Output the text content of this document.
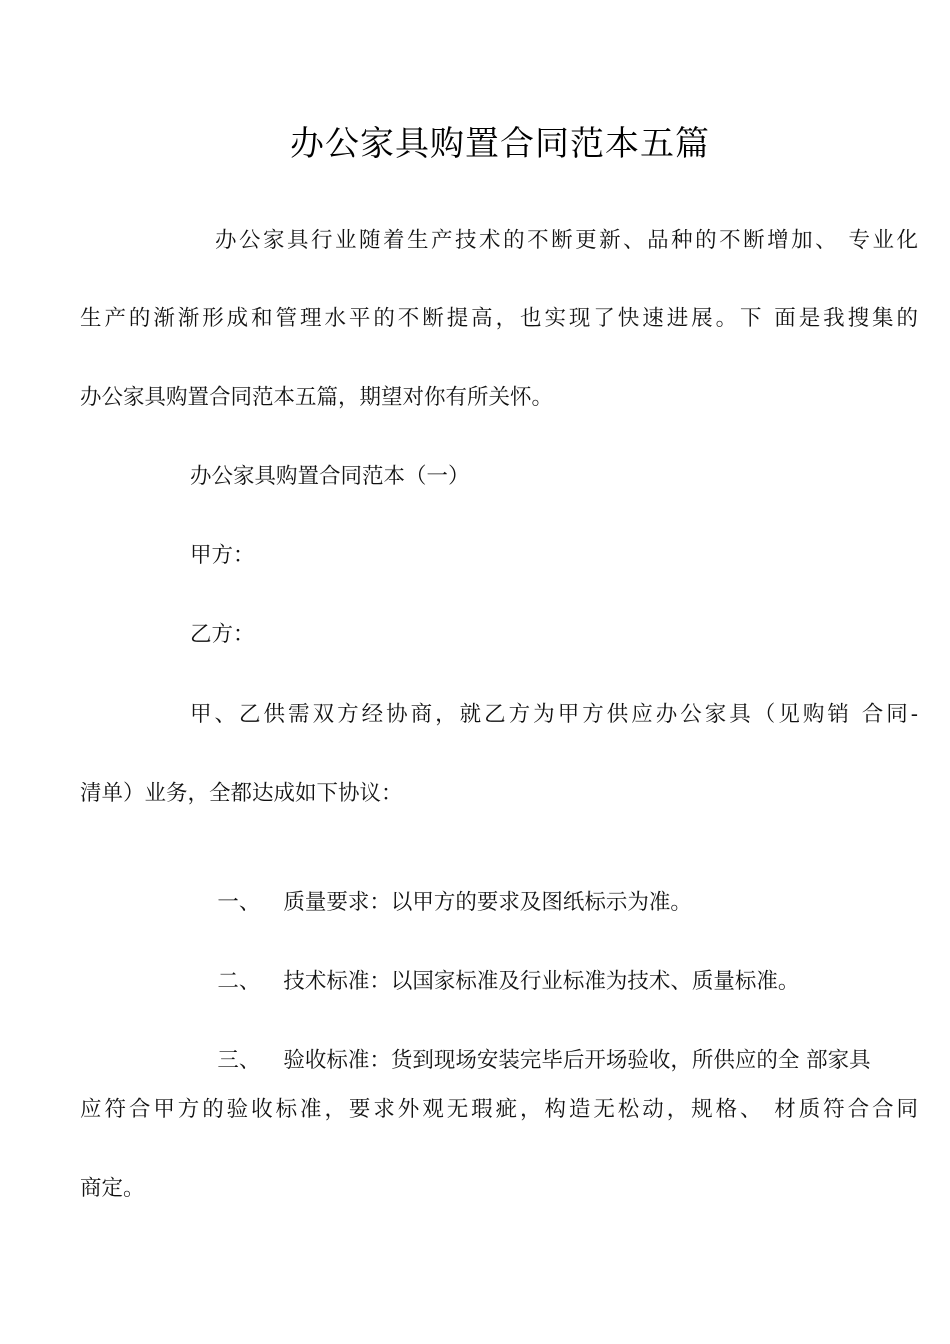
办公家具购置合同范本五篇
办公家具行业随着生产技术的不断更新、品种的不断增加、 专业化
生产的渐渐形成和管理水平的不断提高，也实现了快速进展。下 面是我搜集的
办公家具购置合同范本五篇，期望对你有所关怀。
办公家具购置合同范本（一）
甲方：
乙方：
甲、乙供需双方经协商，就乙方为甲方供应办公家具（见购销 合同-
清单）业务，全都达成如下协议：

一、 质量要求：以甲方的要求及图纸标示为准。

二、 技术标准：以国家标准及行业标准为技术、质量标准。

三、 验收标准：货到现场安装完毕后开场验收，所供应的全 部家具

应符合甲方的验收标准，要求外观无瑕疵，构造无松动，规格、 材质符合合同
商定。
